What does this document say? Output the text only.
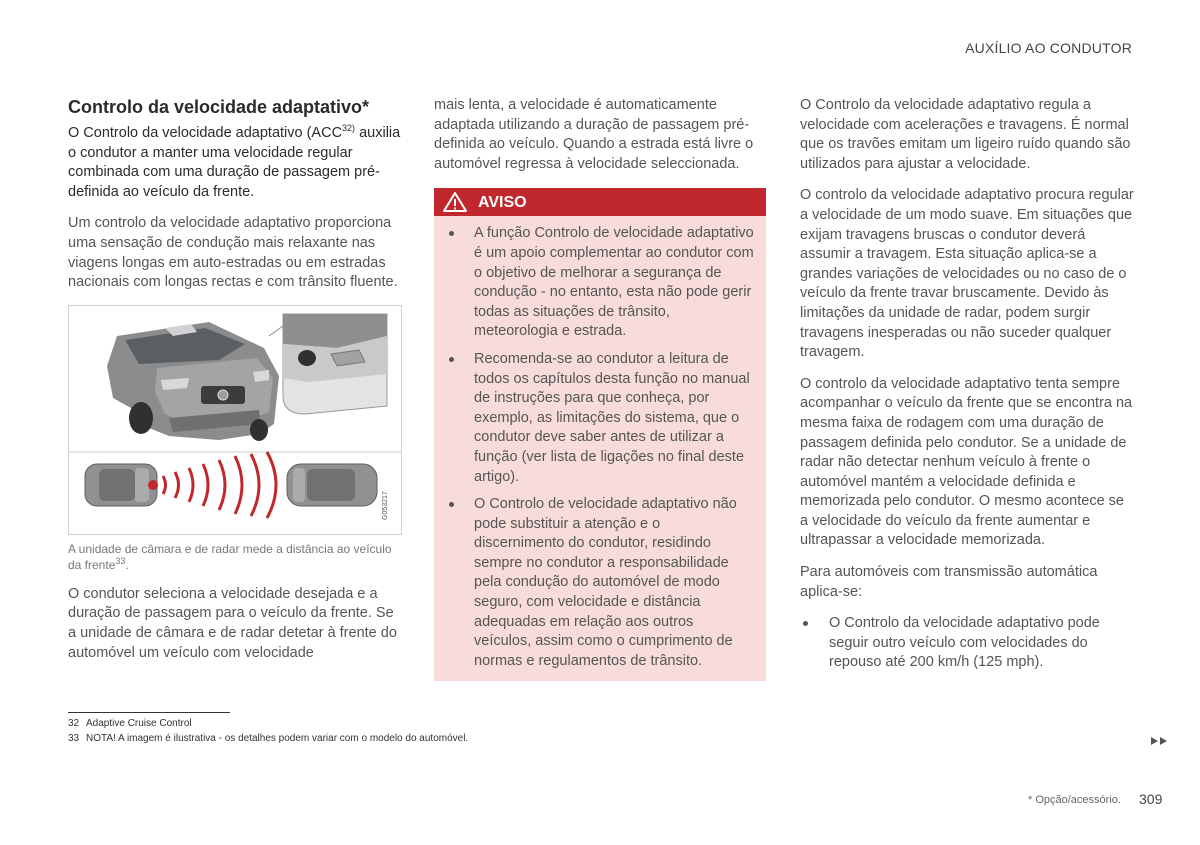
AUXÍLIO AO CONDUTOR
Controlo da velocidade adaptativo*

O Controlo da velocidade adaptativo (ACC$^{32)}$ auxilia o condutor a manter uma velocidade regular combinada com uma duração de passagem pré-definida ao veículo da frente.

Um controlo da velocidade adaptativo proporciona uma sensação de condução mais relaxante nas viagens longas em auto-estradas ou em estradas nacionais com longas rectas e com trânsito fluente.

G053217

A unidade de câmara e de radar mede a distância ao veículo da frente$^{33}$.

O condutor seleciona a velocidade desejada e a duração de passagem para o veículo da frente. Se a unidade de câmara e de radar detetar à frente do automóvel um veículo com velocidade

mais lenta, a velocidade é automaticamente adaptada utilizando a duração de passagem pré-definida ao veículo. Quando a estrada está livre o automóvel regressa à velocidade seleccionada.

AVISO
A função Controlo de velocidade adaptativo é um apoio complementar ao condutor com o objetivo de melhorar a segurança de condução - no entanto, esta não pode gerir todas as situações de trânsito, meteorologia e estrada.
Recomenda-se ao condutor a leitura de todos os capítulos desta função no manual de instruções para que conheça, por exemplo, as limitações do sistema, que o condutor deve saber antes de utilizar a função (ver lista de ligações no final deste artigo).
O Controlo de velocidade adaptativo não pode substituir a atenção e o discernimento do condutor, residindo sempre no condutor a responsabilidade pela condução do automóvel de modo seguro, com velocidade e distância adequadas em relação aos outros veículos, assim como o cumprimento de normas e regulamentos de trânsito.

O Controlo da velocidade adaptativo regula a velocidade com acelerações e travagens. É normal que os travões emitam um ligeiro ruído quando são utilizados para ajustar a velocidade.

O controlo da velocidade adaptativo procura regular a velocidade de um modo suave. Em situações que exijam travagens bruscas o condutor deverá assumir a travagem. Esta situação aplica-se a grandes variações de velocidades ou no caso de o veículo da frente travar bruscamente. Devido às limitações da unidade de radar, podem surgir travagens inesperadas ou não suceder qualquer travagem.

O controlo da velocidade adaptativo tenta sempre acompanhar o veículo da frente que se encontra na mesma faixa de rodagem com uma duração de passagem definida pelo condutor. Se a unidade de radar não detectar nenhum veículo à frente o automóvel mantém a velocidade definida e memorizada pelo condutor. O mesmo acontece se a velocidade do veículo da frente aumentar e ultrapassar a velocidade memorizada.

Para automóveis com transmissão automática aplica-se:

O Controlo da velocidade adaptativo pode seguir outro veículo com velocidades do repouso até 200 km/h (125 mph).
32 Adaptive Cruise Control
33 NOTA! A imagem é ilustrativa - os detalhes podem variar com o modelo do automóvel.
* Opção/acessório. 309
